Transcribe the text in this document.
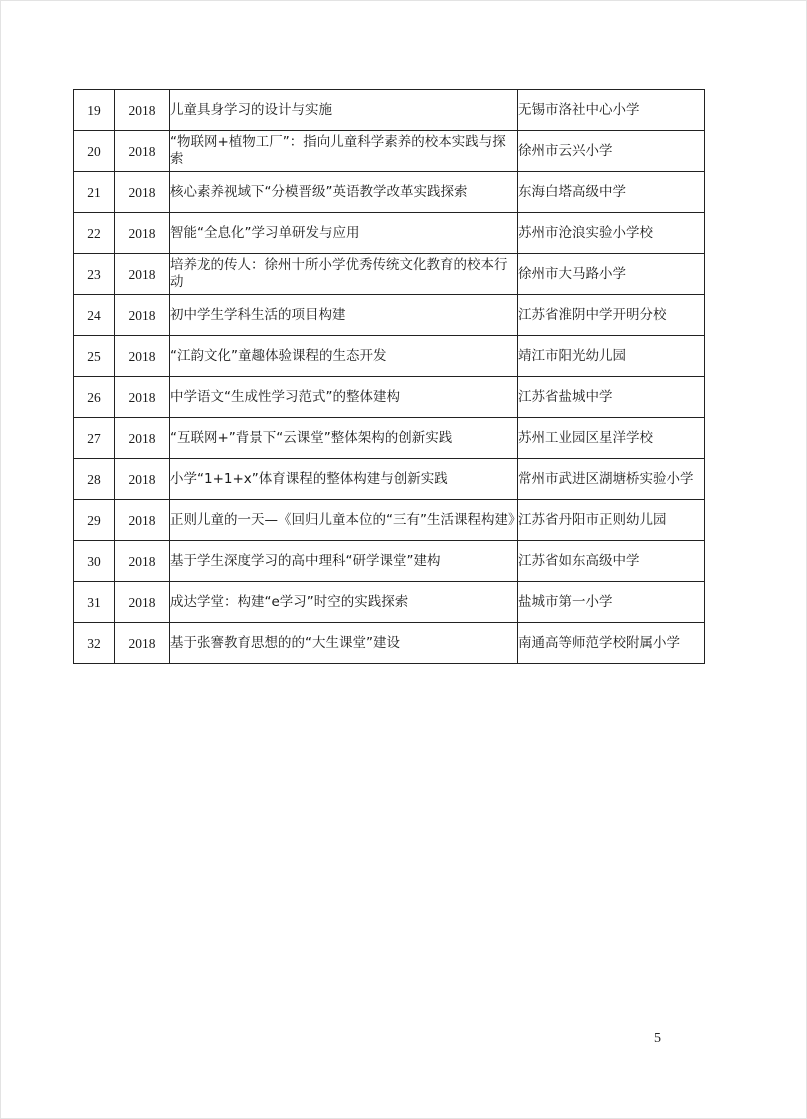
19	2018	儿童具身学习的设计与实施	无锡市洛社中心小学
20	2018	“物联网+植物工厂”：指向儿童科学素养的校本实践与探索	徐州市云兴小学
21	2018	核心素养视域下“分模晋级”英语教学改革实践探索	东海白塔高级中学
22	2018	智能“全息化”学习单研发与应用	苏州市沧浪实验小学校
23	2018	培养龙的传人：徐州十所小学优秀传统文化教育的校本行动	徐州市大马路小学
24	2018	初中学生学科生活的项目构建	江苏省淮阴中学开明分校
25	2018	“江韵文化”童趣体验课程的生态开发	靖江市阳光幼儿园
26	2018	中学语文“生成性学习范式”的整体建构	江苏省盐城中学
27	2018	“互联网+”背景下“云课堂”整体架构的创新实践	苏州工业园区星洋学校
28	2018	小学“1+1+x”体育课程的整体构建与创新实践	常州市武进区湖塘桥实验小学
29	2018	正则儿童的一天—《回归儿童本位的“三有”生活课程构建》	江苏省丹阳市正则幼儿园
30	2018	基于学生深度学习的高中理科“研学课堂”建构	江苏省如东高级中学
31	2018	成达学堂：构建“e学习”时空的实践探索	盐城市第一小学
32	2018	基于张謇教育思想的的“大生课堂”建设	南通高等师范学校附属小学
5
